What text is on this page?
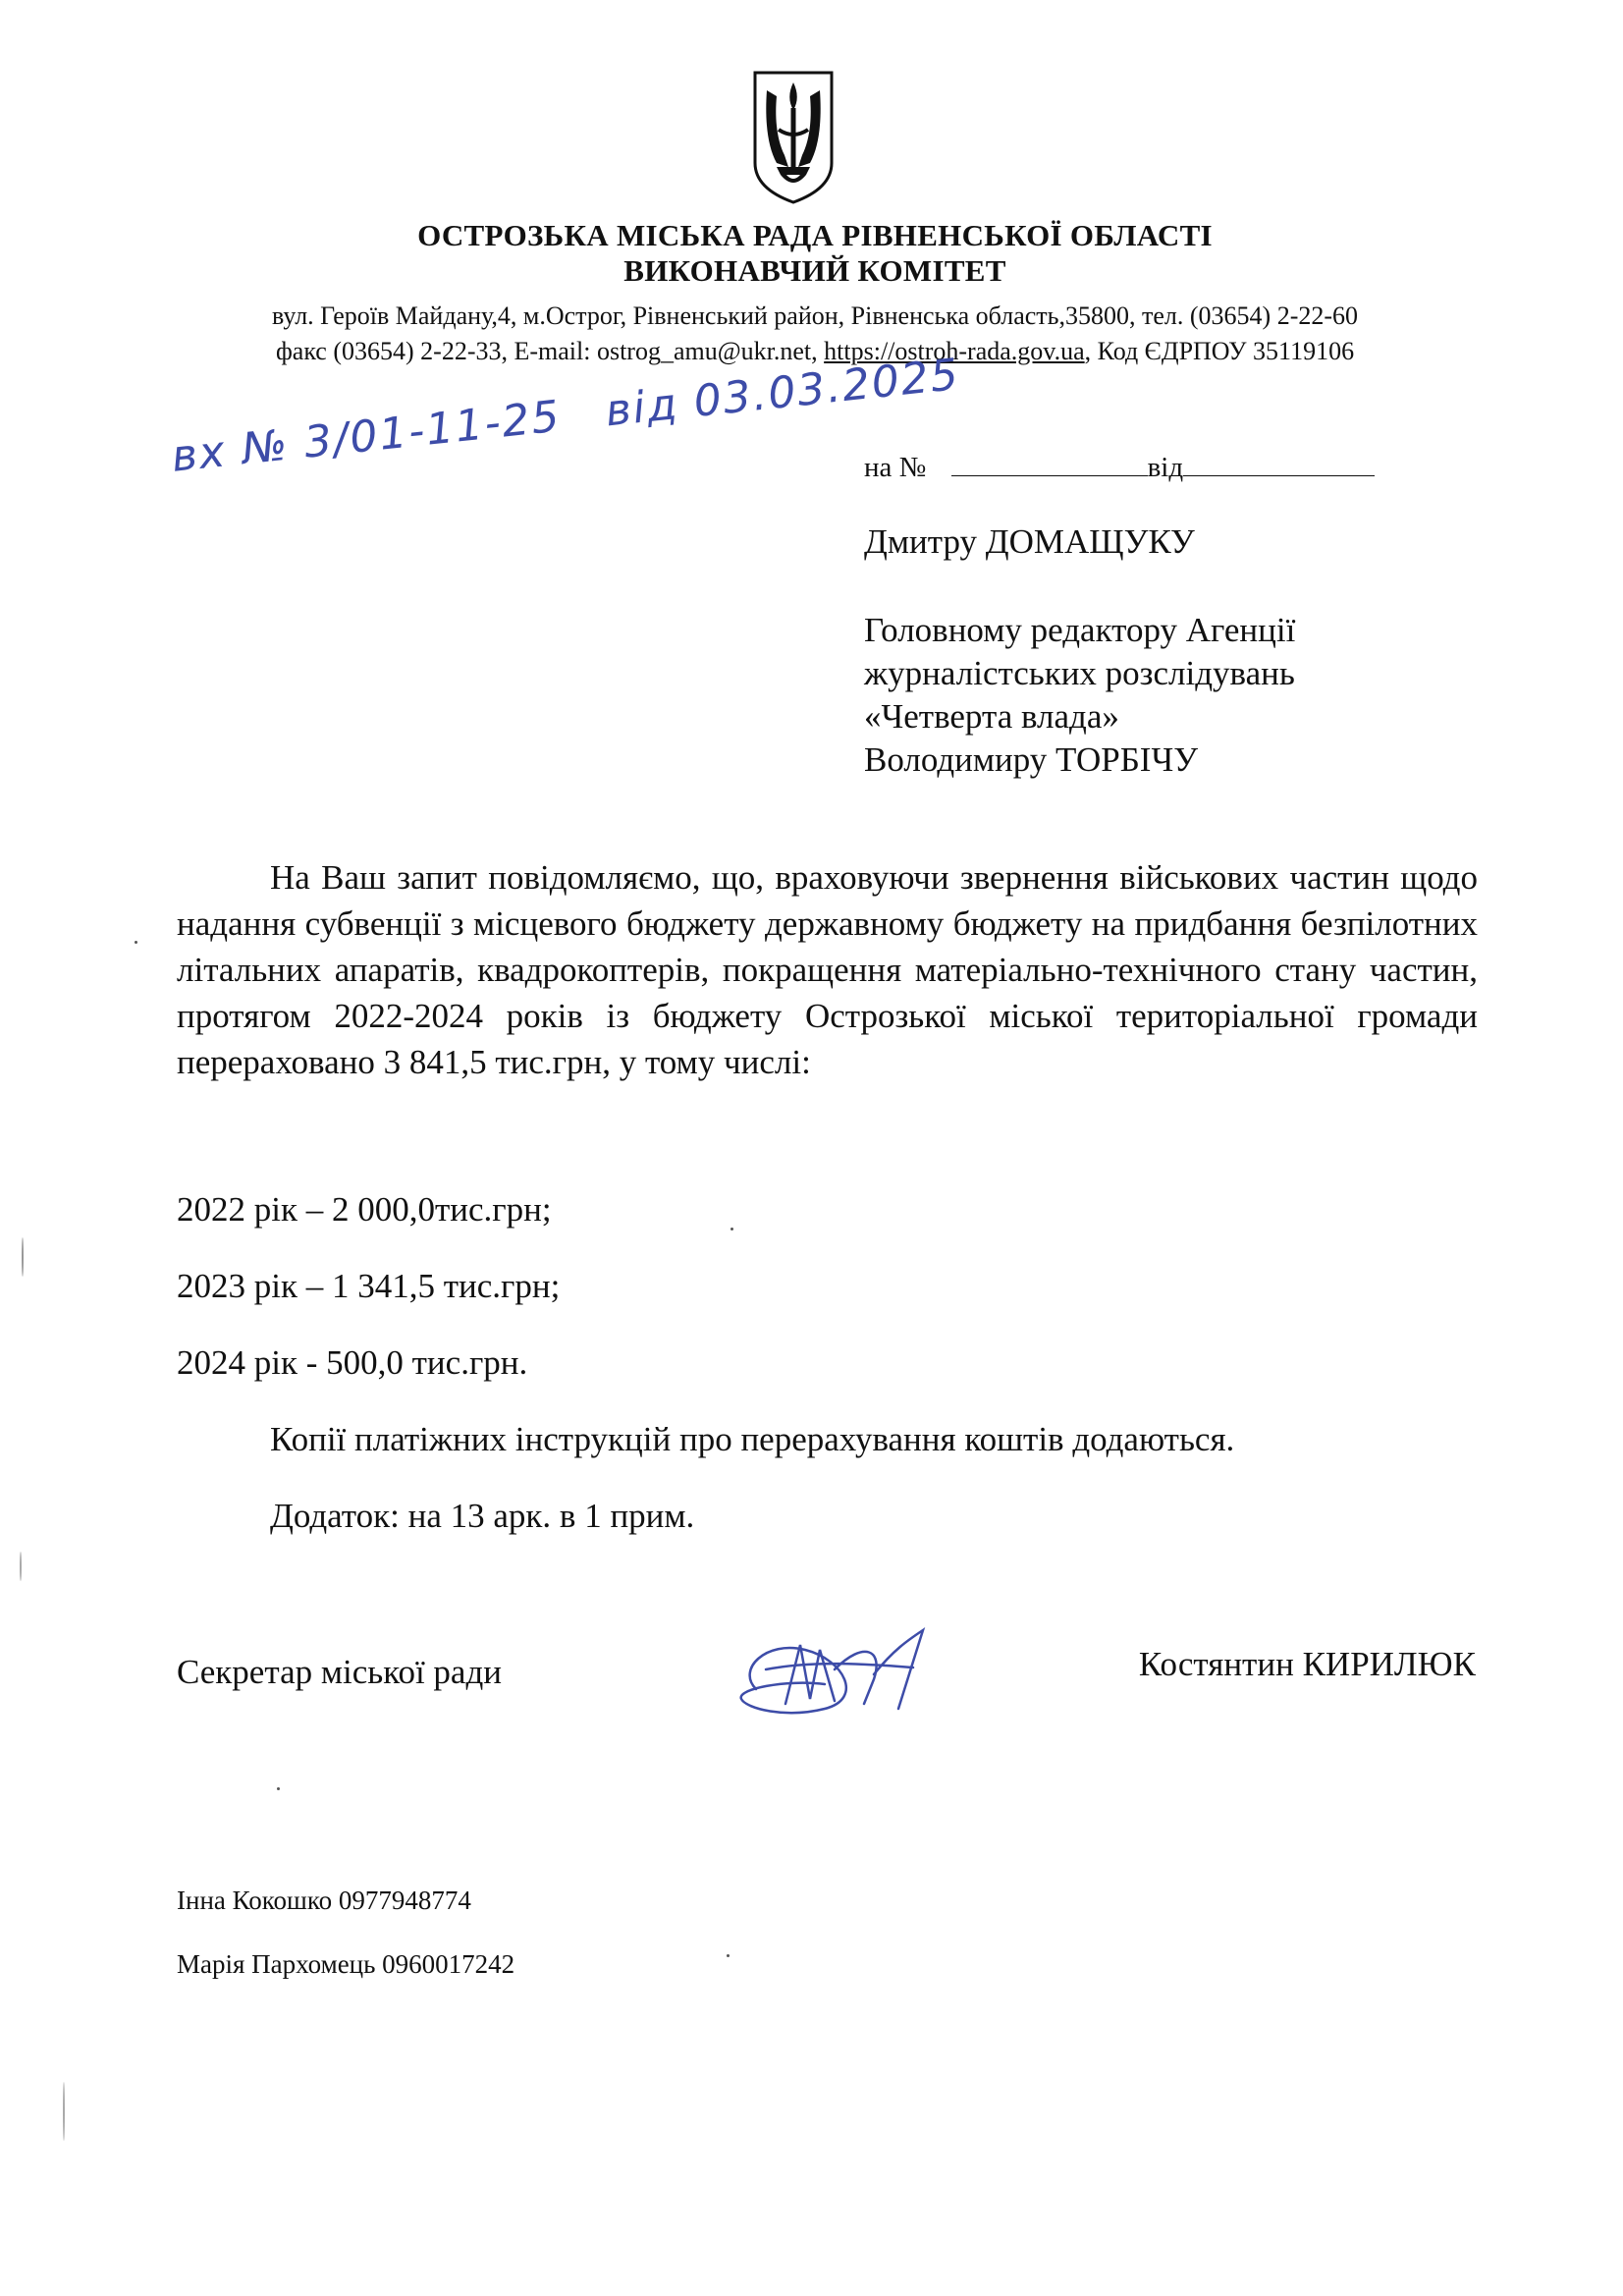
ОСТРОЗЬКА МІСЬКА РАДА РІВНЕНСЬКОЇ ОБЛАСТІ
ВИКОНАВЧИЙ КОМІТЕТ
вул. Героїв Майдану,4, м.Острог, Рівненський район, Рівненська область,35800, тел. (03654) 2-22-60
факс (03654) 2-22-33, E-mail: ostrog_amu@ukr.net, https://ostroh-rada.gov.ua, Код ЄДРПОУ 35119106
вх № 3/01-11-25 від 03.03.2025
на №	від
Дмитру ДОМАЩУКУ
Головному редактору Агенції
журналістських розслідувань
«Четверта влада»
Володимиру ТОРБІЧУ
На Ваш запит повідомляємо, що, враховуючи звернення військових частин щодо надання субвенції з місцевого бюджету державному бюджету на придбання безпілотних літальних апаратів, квадрокоптерів, покращення матеріально-технічного стану частин, протягом 2022-2024 років із бюджету Острозької міської територіальної громади перераховано 3 841,5 тис.грн, у тому числі:
2022 рік – 2 000,0тис.грн;
2023 рік – 1 341,5 тис.грн;
2024 рік - 500,0 тис.грн.
Копії платіжних інструкцій про перерахування коштів додаються.
Додаток: на 13 арк. в 1 прим.
Секретар міської ради	Костянтин КИРИЛЮК
Інна Кокошко 0977948774
Марія Пархомець 0960017242
